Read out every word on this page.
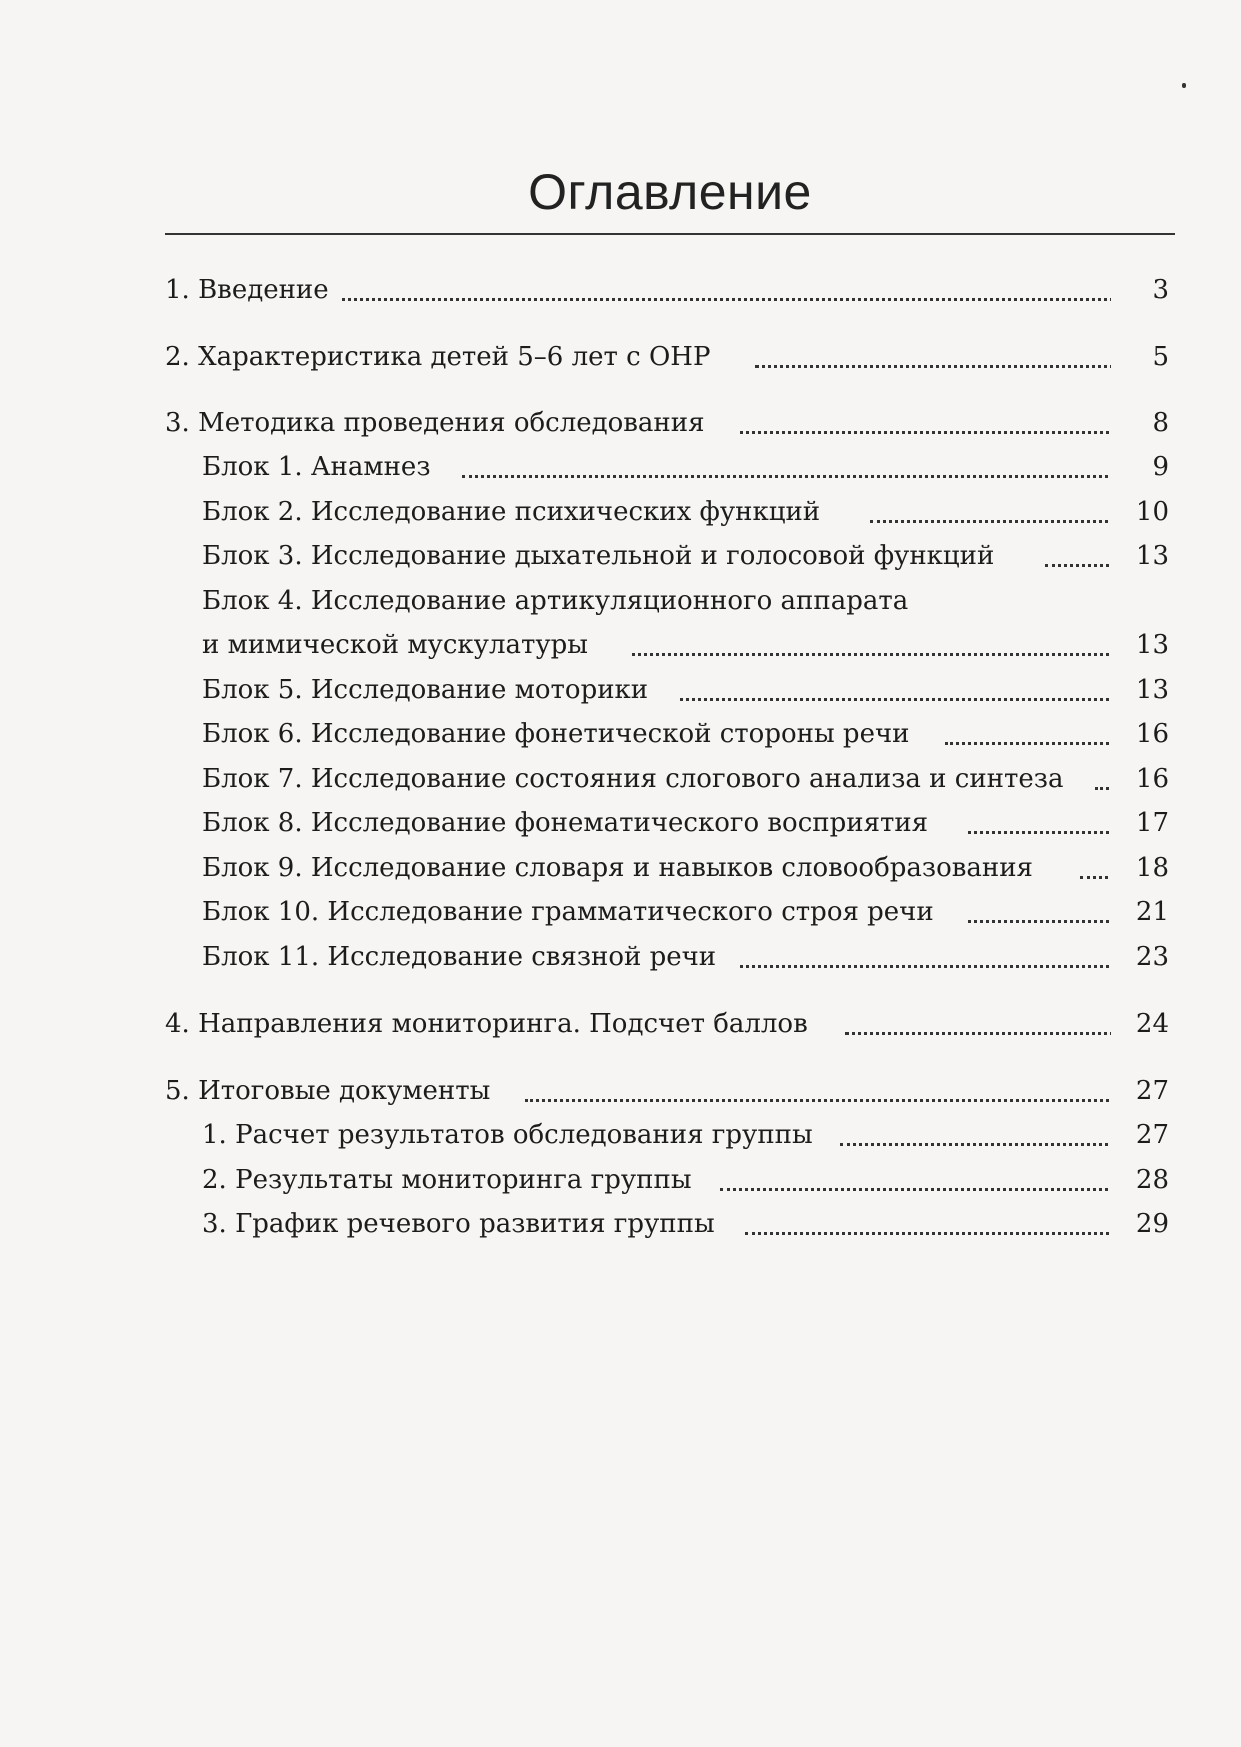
Оглавление
1. Введение	3
2. Характеристика детей 5–6 лет с ОНР	5
3. Методика проведения обследования	8
Блок 1. Анамнез	9
Блок 2. Исследование психических функций	10
Блок 3. Исследование дыхательной и голосовой функций	13
Блок 4. Исследование артикуляционного аппарата
и мимической мускулатуры	13
Блок 5. Исследование моторики	13
Блок 6. Исследование фонетической стороны речи	16
Блок 7. Исследование состояния слогового анализа и синтеза	16
Блок 8. Исследование фонематического восприятия	17
Блок 9. Исследование словаря и навыков словообразования	18
Блок 10. Исследование грамматического строя речи	21
Блок 11. Исследование связной речи	23
4. Направления мониторинга. Подсчет баллов	24
5. Итоговые документы	27
1. Расчет результатов обследования группы	27
2. Результаты мониторинга группы	28
3. График речевого развития группы	29
